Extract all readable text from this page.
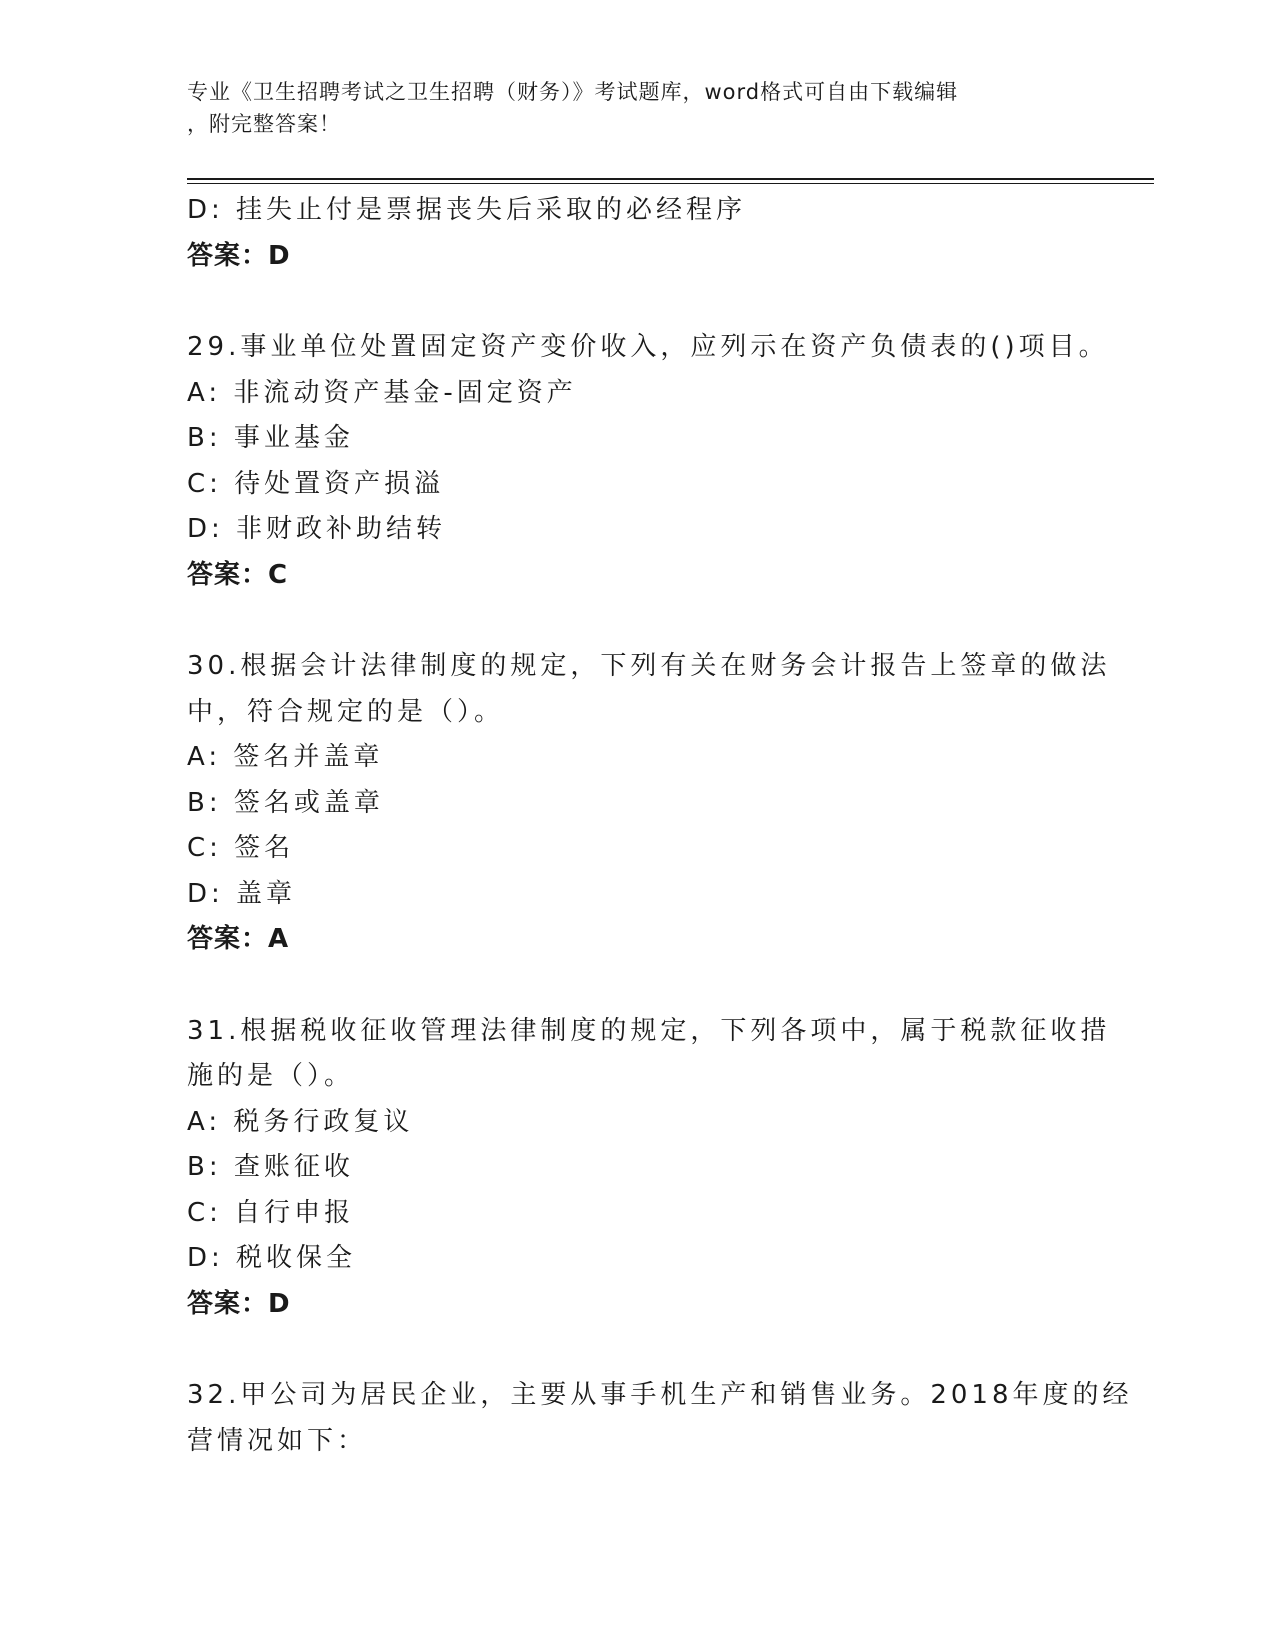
专业《卫生招聘考试之卫生招聘（财务）》考试题库，word格式可自由下载编辑
，附完整答案！
D: 挂失止付是票据丧失后采取的必经程序
答案：D
29.事业单位处置固定资产变价收入，应列示在资产负债表的()项目。
A: 非流动资产基金-固定资产
B: 事业基金
C: 待处置资产损溢
D: 非财政补助结转
答案：C
30.根据会计法律制度的规定，下列有关在财务会计报告上签章的做法
中，符合规定的是（）。
A: 签名并盖章
B: 签名或盖章
C: 签名
D: 盖章
答案：A
31.根据税收征收管理法律制度的规定，下列各项中，属于税款征收措
施的是（）。
A: 税务行政复议
B: 查账征收
C: 自行申报
D: 税收保全
答案：D
32.甲公司为居民企业，主要从事手机生产和销售业务。2018年度的经
营情况如下：
